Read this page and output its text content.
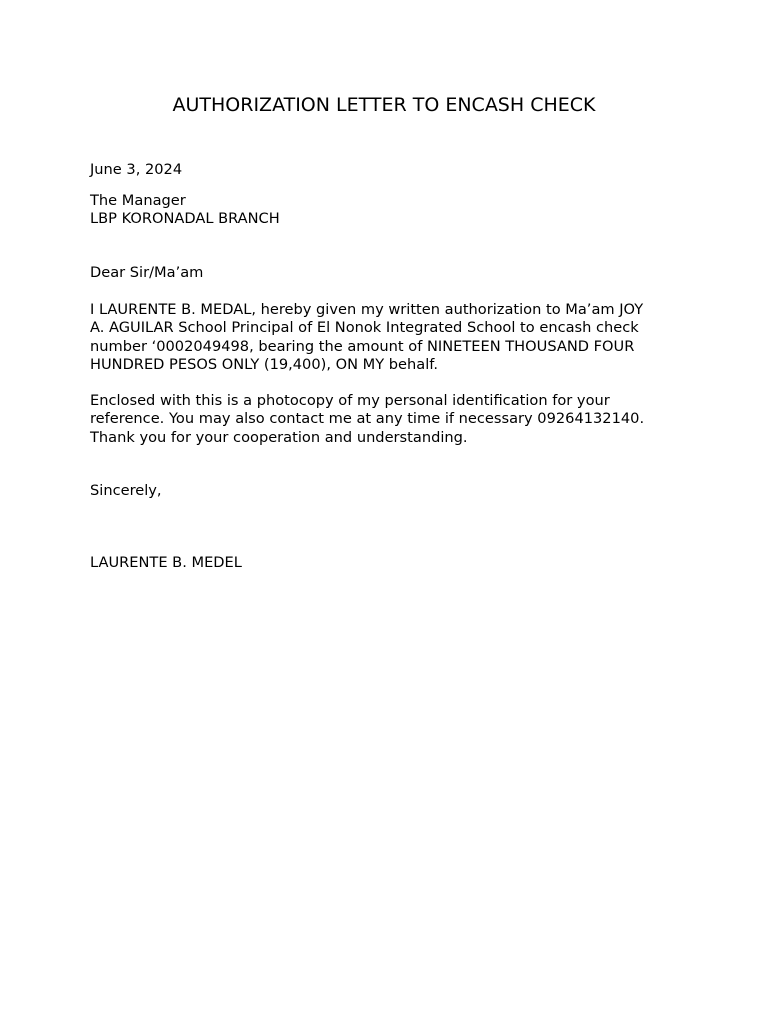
AUTHORIZATION LETTER TO ENCASH CHECK
June 3, 2024
The Manager
LBP KORONADAL BRANCH
Dear Sir/Ma’am
I LAURENTE B. MEDAL, hereby given my written authorization to Ma’am JOY
A. AGUILAR School Principal of El Nonok Integrated School to encash check
number ‘0002049498, bearing the amount of NINETEEN THOUSAND FOUR
HUNDRED PESOS ONLY (19,400), ON MY behalf.
Enclosed with this is a photocopy of my personal identification for your
reference. You may also contact me at any time if necessary 09264132140.
Thank you for your cooperation and understanding.
Sincerely,
LAURENTE B. MEDEL
